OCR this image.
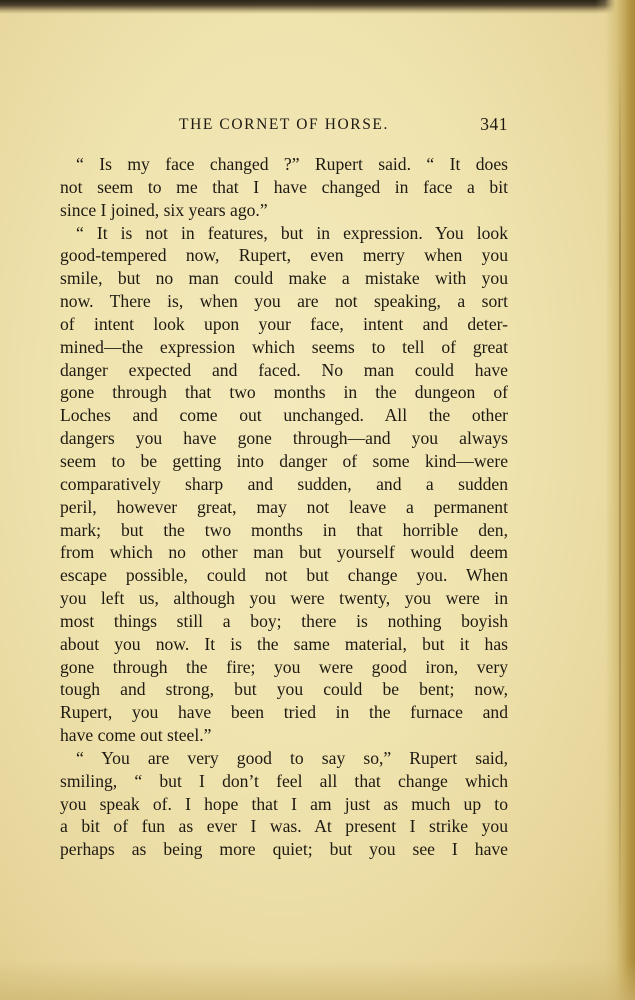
THE CORNET OF HORSE.	341
“ Is my face changed ?” Rupert said. “ It does
not seem to me that I have changed in face a bit
since I joined, six years ago.”
“ It is not in features, but in expression. You look
good-tempered now, Rupert, even merry when you
smile, but no man could make a mistake with you
now. There is, when you are not speaking, a sort
of intent look upon your face, intent and deter-
mined—the expression which seems to tell of great
danger expected and faced. No man could have
gone through that two months in the dungeon of
Loches and come out unchanged. All the other
dangers you have gone through—and you always
seem to be getting into danger of some kind—were
comparatively sharp and sudden, and a sudden
peril, however great, may not leave a permanent
mark; but the two months in that horrible den,
from which no other man but yourself would deem
escape possible, could not but change you. When
you left us, although you were twenty, you were in
most things still a boy; there is nothing boyish
about you now. It is the same material, but it has
gone through the fire; you were good iron, very
tough and strong, but you could be bent; now,
Rupert, you have been tried in the furnace and
have come out steel.”
“ You are very good to say so,” Rupert said,
smiling, “ but I don’t feel all that change which
you speak of. I hope that I am just as much up to
a bit of fun as ever I was. At present I strike you
perhaps as being more quiet; but you see I have
